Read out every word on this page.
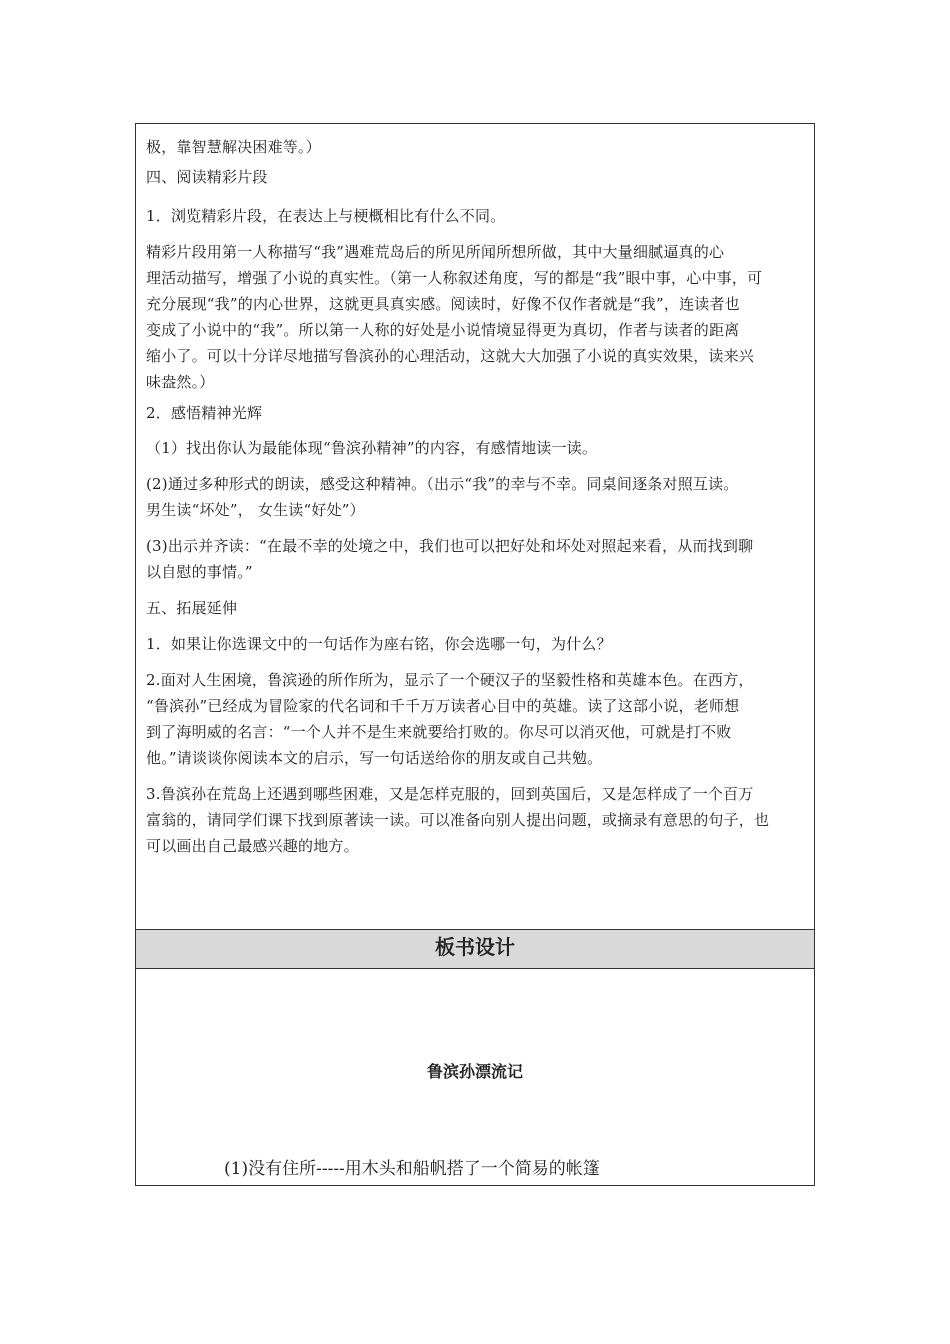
极，靠智慧解决困难等。）
四、阅读精彩片段
1．浏览精彩片段，在表达上与梗概相比有什么不同。
精彩片段用第一人称描写“我”遇难荒岛后的所见所闻所想所做，其中大量细腻逼真的心
理活动描写，增强了小说的真实性。（第一人称叙述角度，写的都是“我”眼中事，心中事，可
充分展现“我”的内心世界，这就更具真实感。阅读时，好像不仅作者就是“我”，连读者也
变成了小说中的“我”。所以第一人称的好处是小说情境显得更为真切，作者与读者的距离
缩小了。可以十分详尽地描写鲁滨孙的心理活动，这就大大加强了小说的真实效果，读来兴
味盎然。）
2．感悟精神光辉
（1）找出你认为最能体现“鲁滨孙精神”的内容，有感情地读一读。
(2)通过多种形式的朗读，感受这种精神。（出示“我”的幸与不幸。同桌间逐条对照互读。
男生读“坏处”， 女生读“好处”）
(3)出示并齐读：“在最不幸的处境之中，我们也可以把好处和坏处对照起来看，从而找到聊
以自慰的事情。”
五、拓展延伸
1．如果让你选课文中的一句话作为座右铭，你会选哪一句，为什么？
2.面对人生困境，鲁滨逊的所作所为，显示了一个硬汉子的坚毅性格和英雄本色。在西方，
“鲁滨孙”已经成为冒险家的代名词和千千万万读者心目中的英雄。读了这部小说，老师想
到了海明威的名言：“一个人并不是生来就要给打败的。你尽可以消灭他，可就是打不败
他。”请谈谈你阅读本文的启示，写一句话送给你的朋友或自己共勉。
3.鲁滨孙在荒岛上还遇到哪些困难，又是怎样克服的，回到英国后，又是怎样成了一个百万
富翁的，请同学们课下找到原著读一读。可以准备向别人提出问题，或摘录有意思的句子，也
可以画出自己最感兴趣的地方。
板书设计
鲁滨孙漂流记
(1)没有住所-----用木头和船帆搭了一个简易的帐篷
